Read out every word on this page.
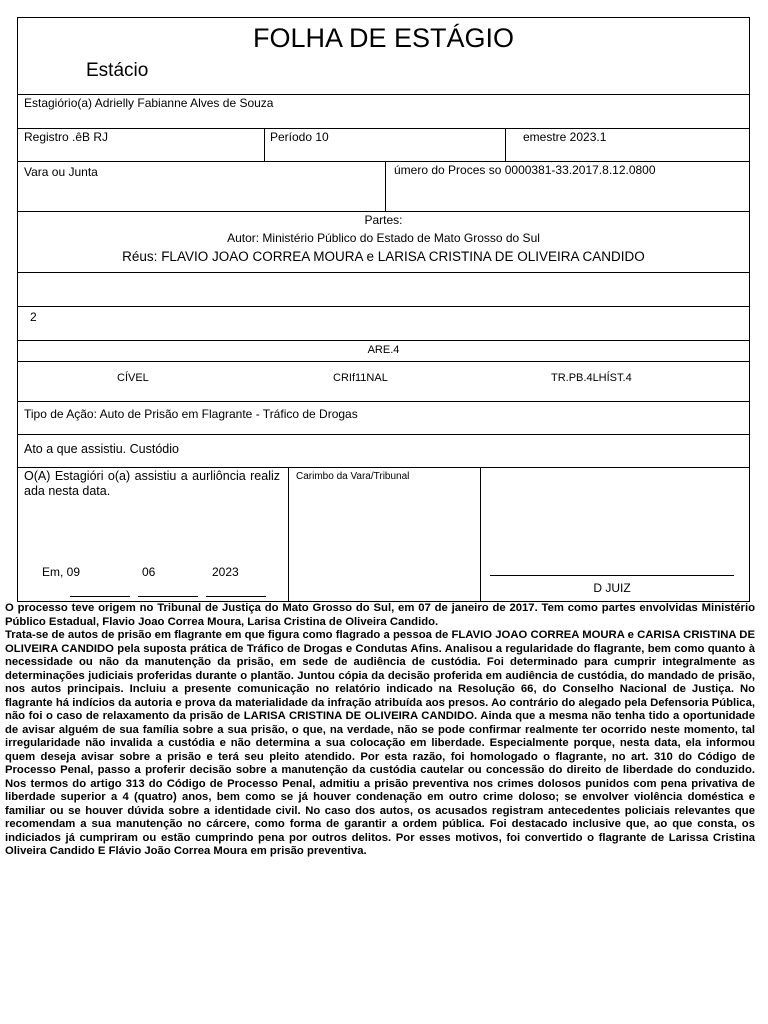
FOLHA DE ESTÁGIO
Estácio
Estagiório(a) Adrielly Fabianne Alves de Souza
Registro .êB RJ	Período 10	emestre 2023.1
Vara ou Junta	úmero do Proces so 0000381-33.2017.8.12.0800
Partes:
Autor: Ministério Público do Estado de Mato Grosso do Sul
Réus: FLAVIO JOAO CORREA MOURA e LARISA CRISTINA DE OLIVEIRA CANDIDO
2
ARE.4
CÍVEL	CRIf11NAL	TR.PB.4LHÍST.4
Tipo de Ação: Auto de Prisão em Flagrante - Tráfico de Drogas
Ato a que assistiu. Custódio
O(A) Estagióri o(a) assistiu a aurliôncia realiz ada nesta data.
Em, 09	06	2023
Carimbo da Vara/Tribunal
D JUIZ

O processo teve origem no Tribunal de Justiça do Mato Grosso do Sul, em 07 de janeiro de 2017. Tem como partes envolvidas Ministério Público Estadual, Flavio Joao Correa Moura, Larisa Cristina de Oliveira Candido.

Trata-se de autos de prisão em flagrante em que figura como flagrado a pessoa de FLAVIO JOAO CORREA MOURA e CARISA CRISTINA DE OLIVEIRA CANDIDO pela suposta prática de Tráfico de Drogas e Condutas Afins. Analisou a regularidade do flagrante, bem como quanto à necessidade ou não da manutenção da prisão, em sede de audiência de custódia. Foi determinado para cumprir integralmente as determinações judiciais proferidas durante o plantão. Juntou cópia da decisão proferida em audiência de custódia, do mandado de prisão, nos autos principais. Incluiu a presente comunicação no relatório indicado na Resolução 66, do Conselho Nacional de Justiça. No flagrante há indícios da autoria e prova da materialidade da infração atribuída aos presos. Ao contrário do alegado pela Defensoria Pública, não foi o caso de relaxamento da prisão de LARISA CRISTINA DE OLIVEIRA CANDIDO. Ainda que a mesma não tenha tido a oportunidade de avisar alguém de sua família sobre a sua prisão, o que, na verdade, não se pode confirmar realmente ter ocorrido neste momento, tal irregularidade não invalida a custódia e não determina a sua colocação em liberdade. Especialmente porque, nesta data, ela informou quem deseja avisar sobre a prisão e terá seu pleito atendido. Por esta razão, foi homologado o flagrante, no art. 310 do Código de Processo Penal, passo a proferir decisão sobre a manutenção da custódia cautelar ou concessão do direito de liberdade do conduzido. Nos termos do artigo 313 do Código de Processo Penal, admitiu a prisão preventiva nos crimes dolosos punidos com pena privativa de liberdade superior a 4 (quatro) anos, bem como se já houver condenação em outro crime doloso; se envolver violência doméstica e familiar ou se houver dúvida sobre a identidade civil. No caso dos autos, os acusados registram antecedentes policiais relevantes que recomendam a sua manutenção no cárcere, como forma de garantir a ordem pública. Foi destacado inclusive que, ao que consta, os indiciados já cumpriram ou estão cumprindo pena por outros delitos. Por esses motivos, foi convertido o flagrante de Larissa Cristina Oliveira Candido E Flávio João Correa Moura em prisão preventiva.
